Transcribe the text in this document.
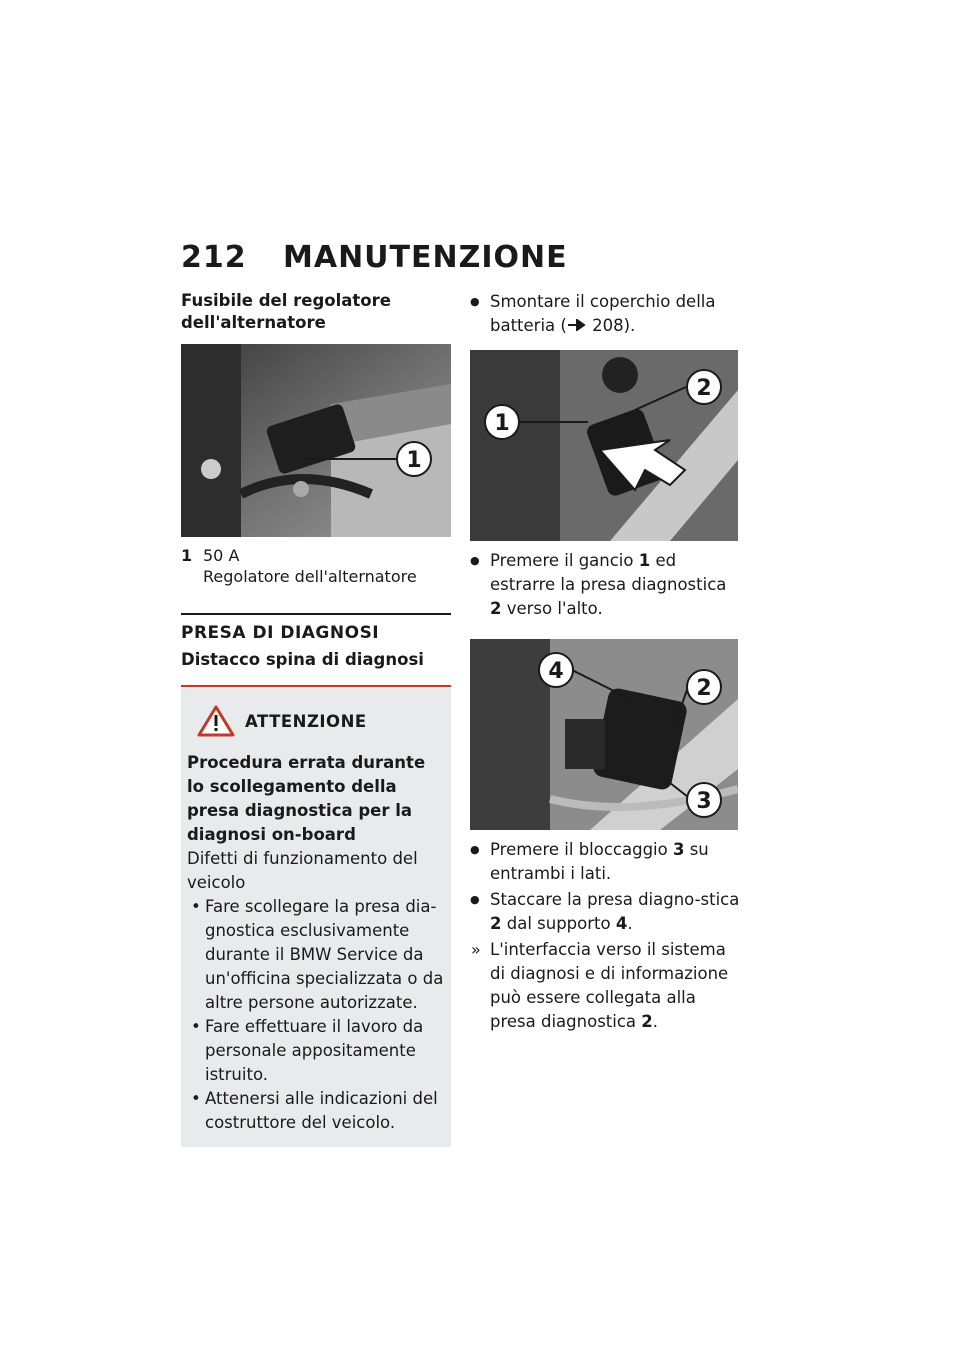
212	MANUTENZIONE
Fusibile del regolatore dell'alternatore
1
1 50 A
Regolatore dell'alternatore
PRESA DI DIAGNOSI
Distacco spina di diagnosi
ATTENZIONE
Procedura errata durante lo scollegamento della presa diagnostica per la diagnosi on-board
Difetti di funzionamento del veicolo
• Fare scollegare la presa dia-gnostica esclusivamente durante il BMW Service da un'officina specializzata o da altre persone autorizzate.
• Fare effettuare il lavoro da personale appositamente istruito.
• Attenersi alle indicazioni del costruttore del veicolo.
● Smontare il coperchio della batteria ( 208).
1
2
● Premere il gancio 1 ed estrarre la presa diagnostica 2 verso l'alto.
4
2
3
● Premere il bloccaggio 3 su entrambi i lati.
● Staccare la presa diagno-stica 2 dal supporto 4.
» L'interfaccia verso il sistema di diagnosi e di informazione può essere collegata alla presa diagnostica 2.
